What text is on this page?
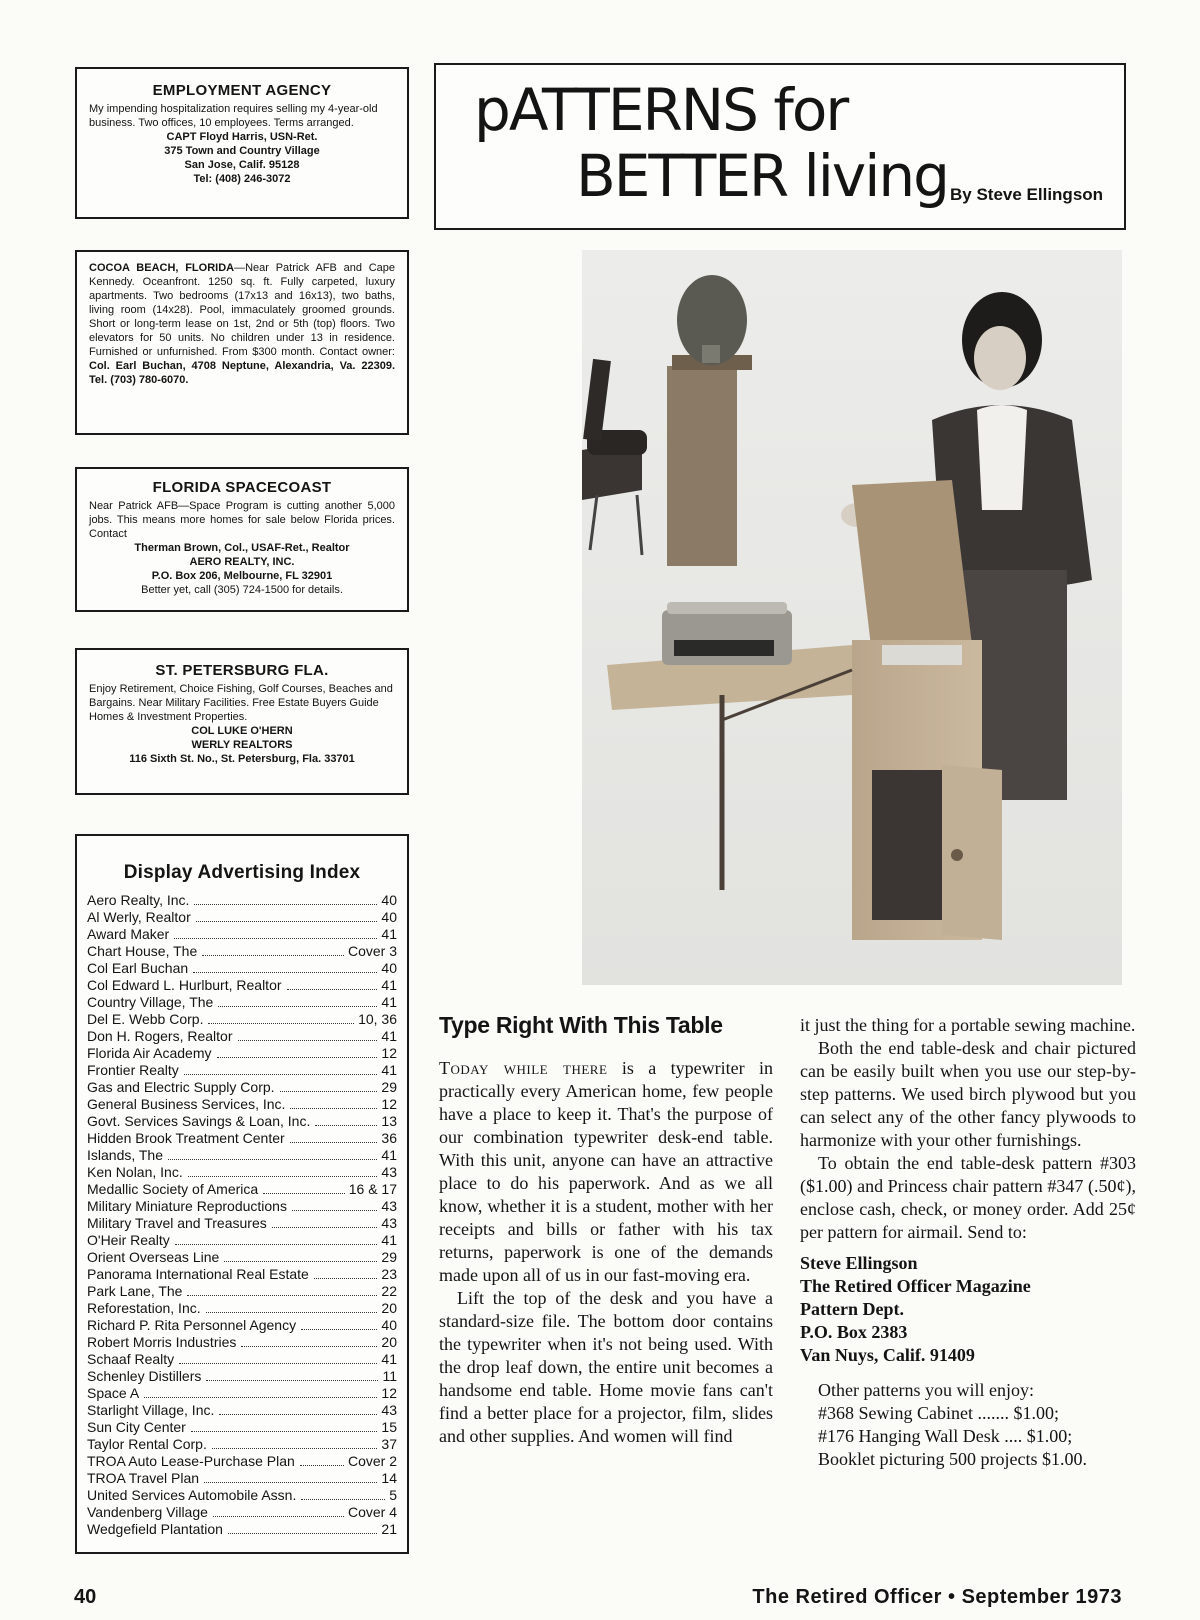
EMPLOYMENT AGENCY
My impending hospitalization requires selling my 4-year-old business. Two offices, 10 employees. Terms arranged.
CAPT Floyd Harris, USN-Ret.
375 Town and Country Village
San Jose, Calif. 95128
Tel: (408) 246-3072
COCOA BEACH, FLORIDA—Near Patrick AFB and Cape Kennedy. Oceanfront. 1250 sq. ft. Fully carpeted, luxury apartments. Two bedrooms (17x13 and 16x13), two baths, living room (14x28). Pool, immaculately groomed grounds. Short or long-term lease on 1st, 2nd or 5th (top) floors. Two elevators for 50 units. No children under 13 in residence. Furnished or unfurnished. From $300 month. Contact owner: Col. Earl Buchan, 4708 Neptune, Alexandria, Va. 22309. Tel. (703) 780-6070.
FLORIDA SPACECOAST
Near Patrick AFB—Space Program is cutting another 5,000 jobs. This means more homes for sale below Florida prices. Contact
Therman Brown, Col., USAF-Ret., Realtor
AERO REALTY, INC.
P.O. Box 206, Melbourne, FL 32901
Better yet, call (305) 724-1500 for details.
ST. PETERSBURG FLA.
Enjoy Retirement, Choice Fishing, Golf Courses, Beaches and Bargains. Near Military Facilities. Free Estate Buyers Guide Homes & Investment Properties.
COL LUKE O'HERN
WERLY REALTORS
116 Sixth St. No., St. Petersburg, Fla. 33701
Display Advertising Index
Aero Realty, Inc.	40
Al Werly, Realtor	40
Award Maker	41
Chart House, The	Cover 3
Col Earl Buchan	40
Col Edward L. Hurlburt, Realtor	41
Country Village, The	41
Del E. Webb Corp.	10, 36
Don H. Rogers, Realtor	41
Florida Air Academy	12
Frontier Realty	41
Gas and Electric Supply Corp.	29
General Business Services, Inc.	12
Govt. Services Savings & Loan, Inc.	13
Hidden Brook Treatment Center	36
Islands, The	41
Ken Nolan, Inc.	43
Medallic Society of America	16 & 17
Military Miniature Reproductions	43
Military Travel and Treasures	43
O'Heir Realty	41
Orient Overseas Line	29
Panorama International Real Estate	23
Park Lane, The	22
Reforestation, Inc.	20
Richard P. Rita Personnel Agency	40
Robert Morris Industries	20
Schaaf Realty	41
Schenley Distillers	11
Space A	12
Starlight Village, Inc.	43
Sun City Center	15
Taylor Rental Corp.	37
TROA Auto Lease-Purchase Plan	Cover 2
TROA Travel Plan	14
United Services Automobile Assn.	5
Vandenberg Village	Cover 4
Wedgefield Plantation	21
pATTERNS for
BETTER living By Steve Ellingson
Type Right With This Table

Today while there is a typewriter in practically every American home, few people have a place to keep it. That's the purpose of our combination typewriter desk-end table. With this unit, anyone can have an attractive place to do his paperwork. And as we all know, whether it is a student, mother with her receipts and bills or father with his tax returns, paperwork is one of the demands made upon all of us in our fast-moving era.

Lift the top of the desk and you have a standard-size file. The bottom door contains the typewriter when it's not being used. With the drop leaf down, the entire unit becomes a handsome end table. Home movie fans can't find a better place for a projector, film, slides and other supplies. And women will find

it just the thing for a portable sewing machine.

Both the end table-desk and chair pictured can be easily built when you use our step-by-step patterns. We used birch plywood but you can select any of the other fancy plywoods to harmonize with your other furnishings.

To obtain the end table-desk pattern #303 ($1.00) and Princess chair pattern #347 (.50¢), enclose cash, check, or money order. Add 25¢ per pattern for airmail. Send to:

Steve Ellingson
The Retired Officer Magazine
Pattern Dept.
P.O. Box 2383
Van Nuys, Calif. 91409

Other patterns you will enjoy:

#368 Sewing Cabinet ....... $1.00;

#176 Hanging Wall Desk .... $1.00;

Booklet picturing 500 projects $1.00.

40	The Retired Officer • September 1973
